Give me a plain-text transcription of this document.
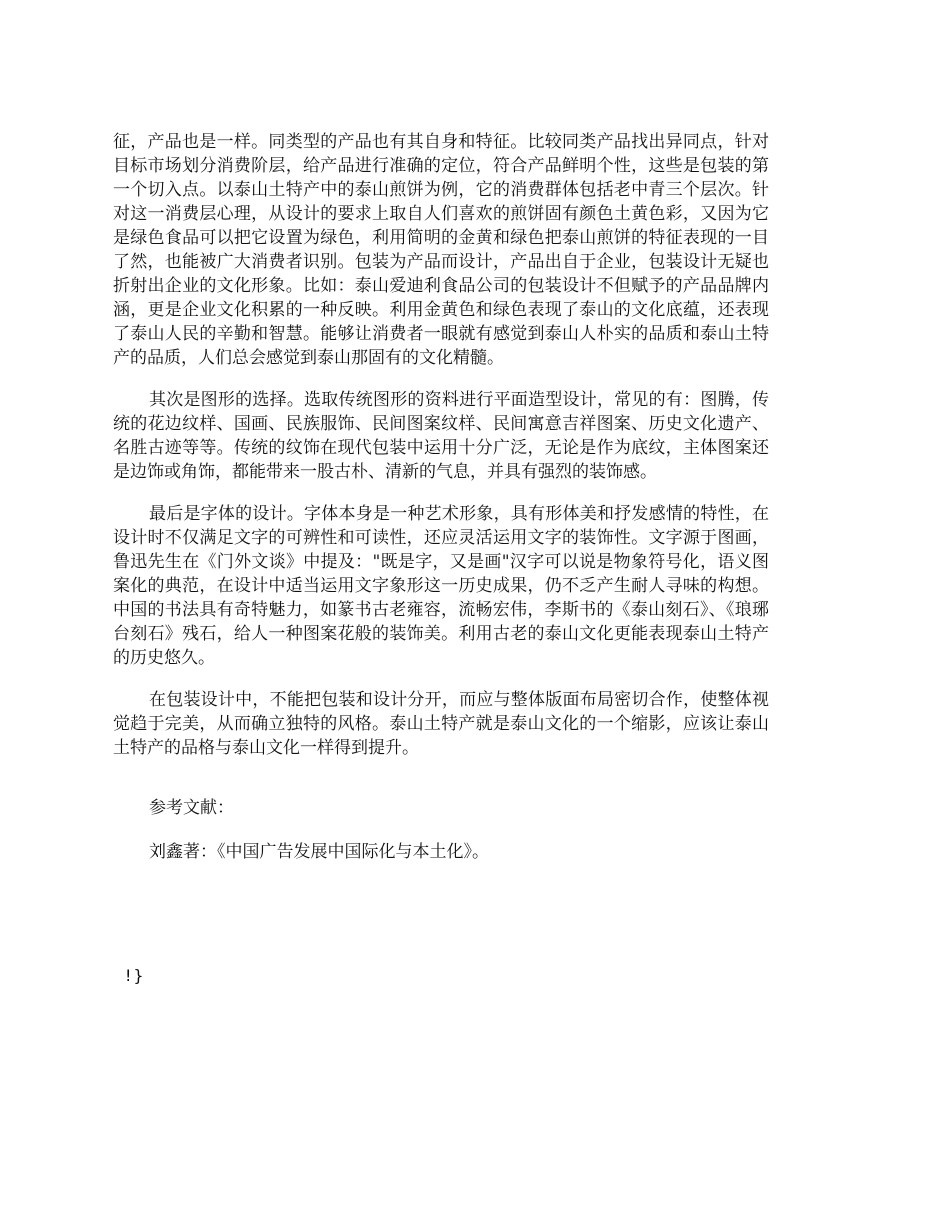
征，产品也是一样。同类型的产品也有其自身和特征。比较同类产品找出异同点，针对目标市场划分消费阶层，给产品进行准确的定位，符合产品鲜明个性，这些是包装的第一个切入点。以泰山土特产中的泰山煎饼为例，它的消费群体包括老中青三个层次。针对这一消费层心理，从设计的要求上取自人们喜欢的煎饼固有颜色土黄色彩，又因为它是绿色食品可以把它设置为绿色，利用简明的金黄和绿色把泰山煎饼的特征表现的一目了然，也能被广大消费者识别。包装为产品而设计，产品出自于企业，包装设计无疑也折射出企业的文化形象。比如：泰山爱迪利食品公司的包装设计不但赋予的产品品牌内涵，更是企业文化积累的一种反映。利用金黄色和绿色表现了泰山的文化底蕴，还表现了泰山人民的辛勤和智慧。能够让消费者一眼就有感觉到泰山人朴实的品质和泰山土特产的品质，人们总会感觉到泰山那固有的文化精髓。

其次是图形的选择。选取传统图形的资料进行平面造型设计，常见的有：图腾，传统的花边纹样、国画、民族服饰、民间图案纹样、民间寓意吉祥图案、历史文化遗产、名胜古迹等等。传统的纹饰在现代包装中运用十分广泛，无论是作为底纹，主体图案还是边饰或角饰，都能带来一股古朴、清新的气息，并具有强烈的装饰感。

最后是字体的设计。字体本身是一种艺术形象，具有形体美和抒发感情的特性，在设计时不仅满足文字的可辨性和可读性，还应灵活运用文字的装饰性。文字源于图画，鲁迅先生在《门外文谈》中提及："既是字，又是画"汉字可以说是物象符号化，语义图案化的典范，在设计中适当运用文字象形这一历史成果，仍不乏产生耐人寻味的构想。中国的书法具有奇特魅力，如篆书古老雍容，流畅宏伟，李斯书的《泰山刻石》、《琅琊台刻石》残石，给人一种图案花般的装饰美。利用古老的泰山文化更能表现泰山土特产的历史悠久。

在包装设计中，不能把包装和设计分开，而应与整体版面布局密切合作，使整体视觉趋于完美，从而确立独特的风格。泰山土特产就是泰山文化的一个缩影，应该让泰山土特产的品格与泰山文化一样得到提升。

参考文献：

刘鑫著：《中国广告发展中国际化与本土化》。

!}
